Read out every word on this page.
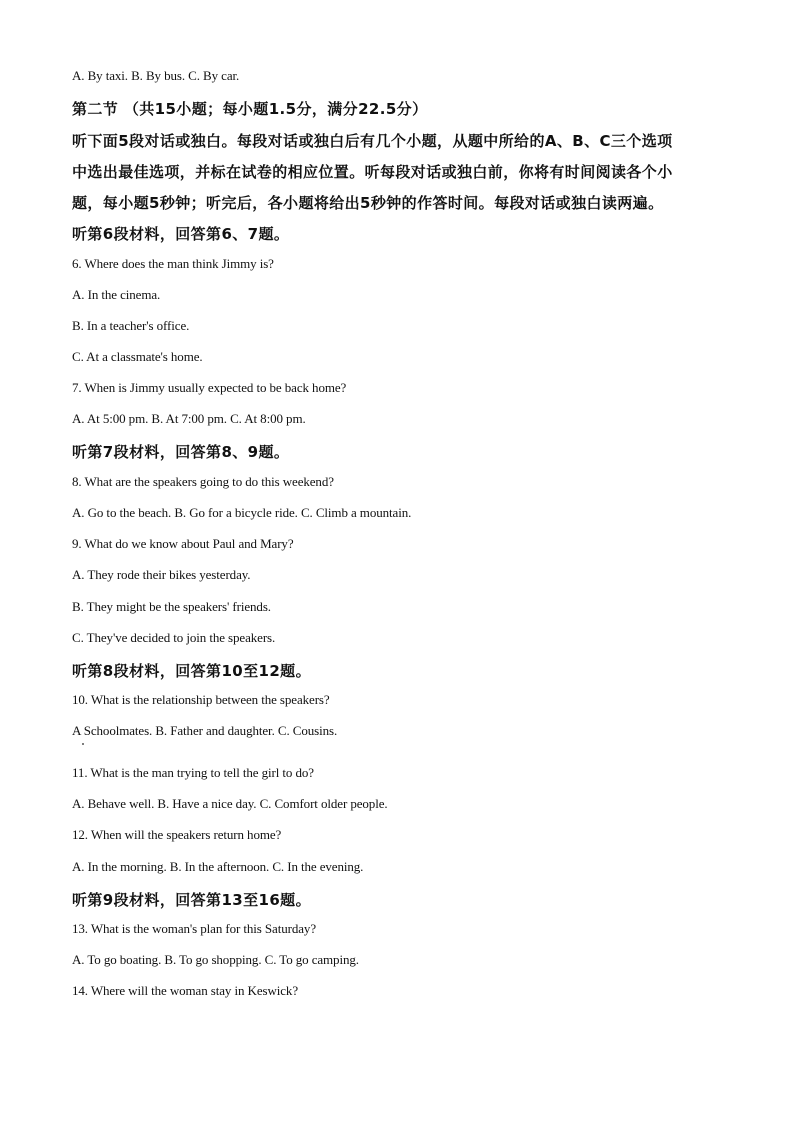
A. By taxi. B. By bus. C. By car.
第二节 （共15小题；每小题1.5分，满分22.5分）
听下面5段对话或独白。每段对话或独白后有几个小题，从题中所给的A、B、C三个选项
中选出最佳选项，并标在试卷的相应位置。听每段对话或独白前，你将有时间阅读各个小
题，每小题5秒钟；听完后，各小题将给出5秒钟的作答时间。每段对话或独白读两遍。
听第6段材料，回答第6、7题。
6. Where does the man think Jimmy is?
A. In the cinema.
B. In a teacher's office.
C. At a classmate's home.
7. When is Jimmy usually expected to be back home?
A. At 5:00 pm. B. At 7:00 pm. C. At 8:00 pm.
听第7段材料，回答第8、9题。
8. What are the speakers going to do this weekend?
A. Go to the beach. B. Go for a bicycle ride. C. Climb a mountain.
9. What do we know about Paul and Mary?
A. They rode their bikes yesterday.
B. They might be the speakers' friends.
C. They've decided to join the speakers.
听第8段材料，回答第10至12题。
10. What is the relationship between the speakers?
A Schoolmates. B. Father and daughter. C. Cousins.
11. What is the man trying to tell the girl to do?
A. Behave well. B. Have a nice day. C. Comfort older people.
12. When will the speakers return home?
A. In the morning. B. In the afternoon. C. In the evening.
听第9段材料，回答第13至16题。
13. What is the woman's plan for this Saturday?
A. To go boating. B. To go shopping. C. To go camping.
14. Where will the woman stay in Keswick?
